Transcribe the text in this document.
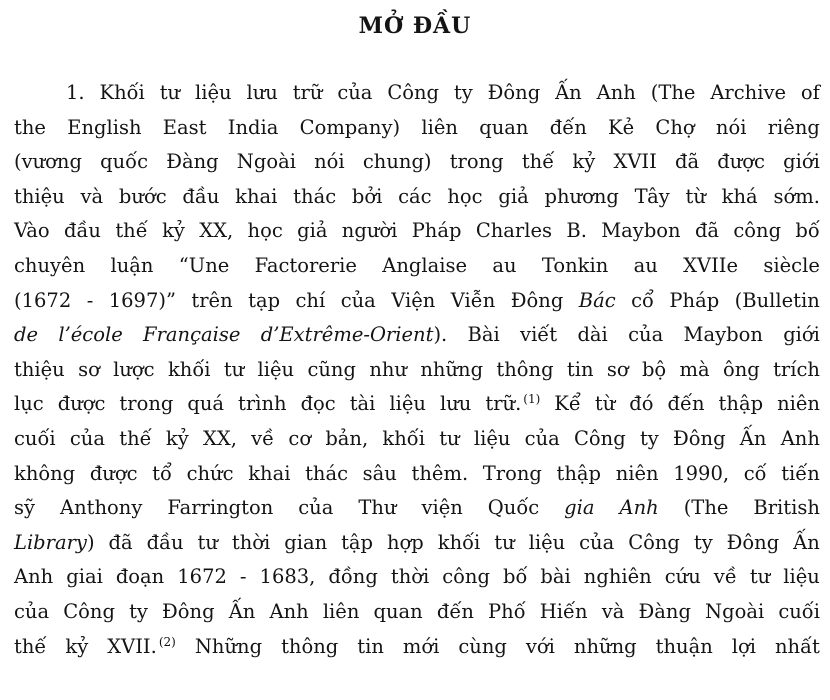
MỞ ĐẦU
1. Khối tư liệu lưu trữ của Công ty Đông Ấn Anh (The Archive of
the English East India Company) liên quan đến Kẻ Chợ nói riêng
(vương quốc Đàng Ngoài nói chung) trong thế kỷ XVII đã được giới
thiệu và bước đầu khai thác bởi các học giả phương Tây từ khá sớm.
Vào đầu thế kỷ XX, học giả người Pháp Charles B. Maybon đã công bố
chuyên luận “Une Factorerie Anglaise au Tonkin au XVIIe siècle
(1672 - 1697)” trên tạp chí của Viện Viễn Đông Bác cổ Pháp (Bulletin
de l’école Française d’Extrême-Orient). Bài viết dài của Maybon giới
thiệu sơ lược khối tư liệu cũng như những thông tin sơ bộ mà ông trích
lục được trong quá trình đọc tài liệu lưu trữ. $^{(1)}$ Kể từ đó đến thập niên
cuối của thế kỷ XX, về cơ bản, khối tư liệu của Công ty Đông Ấn Anh
không được tổ chức khai thác sâu thêm. Trong thập niên 1990, cố tiến
sỹ Anthony Farrington của Thư viện Quốc gia Anh (The British
Library) đã đầu tư thời gian tập hợp khối tư liệu của Công ty Đông Ấn
Anh giai đoạn 1672 - 1683, đồng thời công bố bài nghiên cứu về tư liệu
của Công ty Đông Ấn Anh liên quan đến Phố Hiến và Đàng Ngoài cuối
thế kỷ XVII. $^{(2)}$ Những thông tin mới cùng với những thuận lợi nhất
